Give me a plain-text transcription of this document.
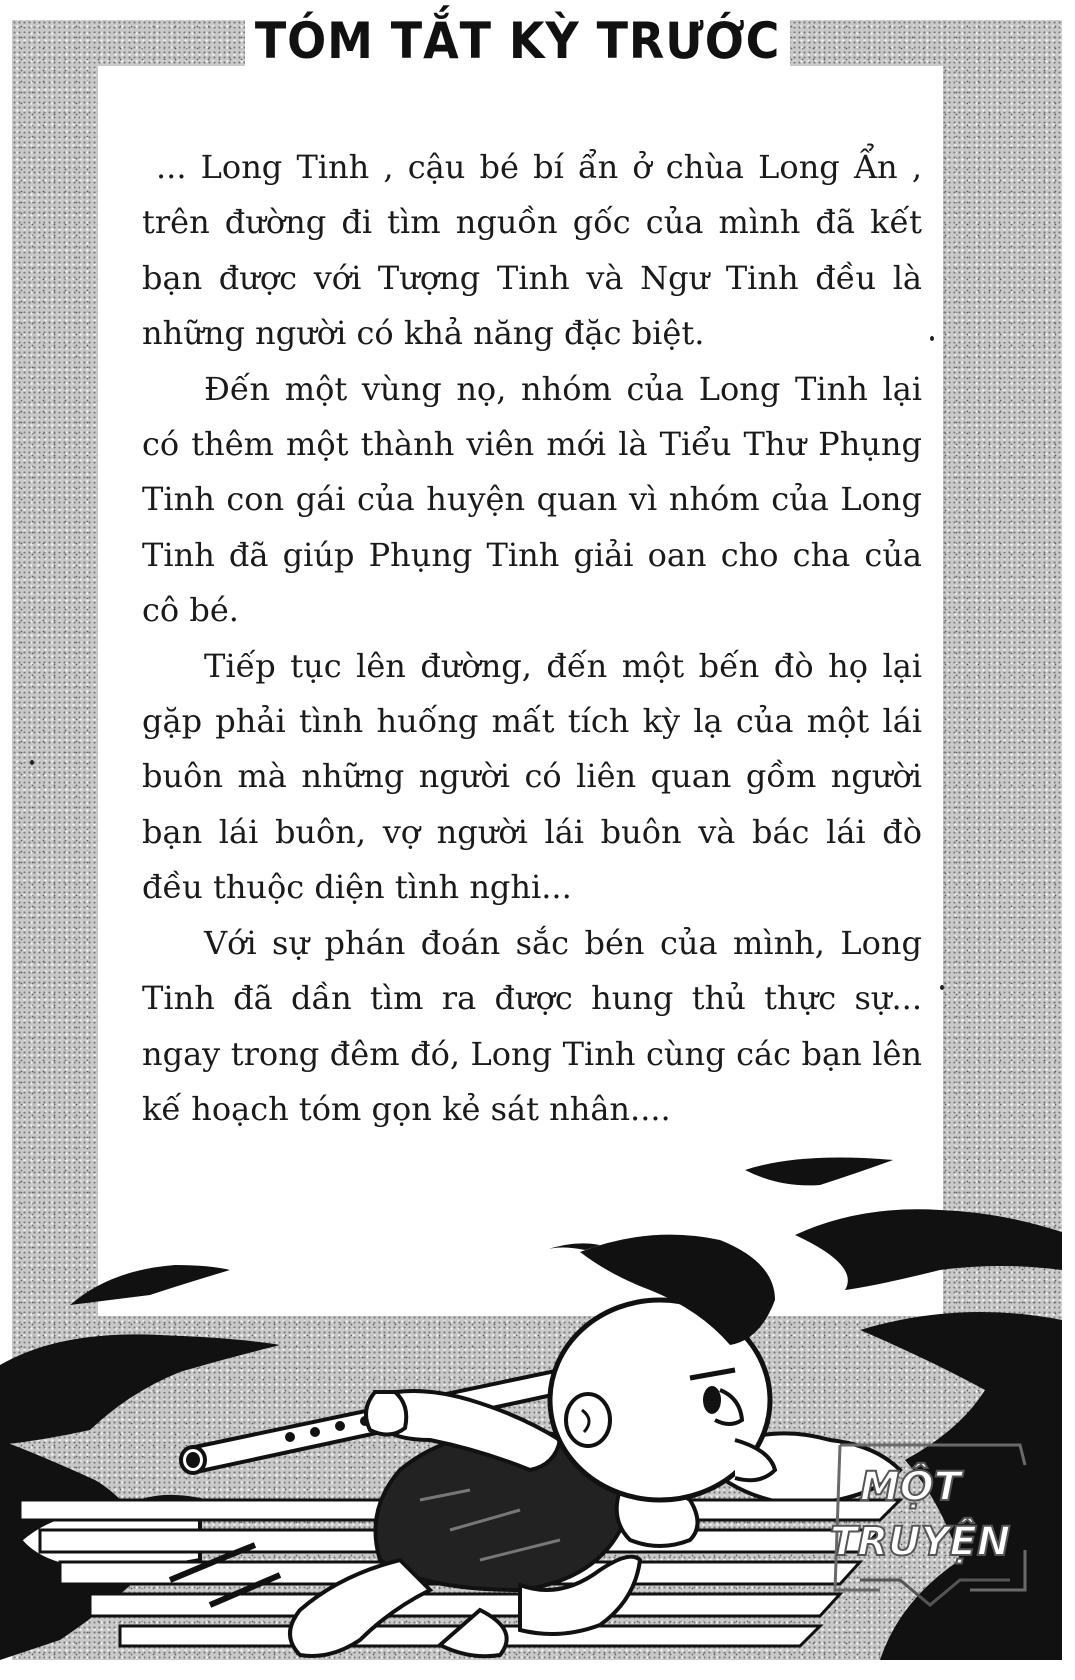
TÓM TẮT KỲ TRƯỚC

... Long Tinh , cậu bé bí ẩn ở chùa Long Ẩn , trên đường đi tìm nguồn gốc của mình đã kết bạn được với Tượng Tinh và Ngư Tinh đều là những người có khả năng đặc biệt.

Đến một vùng nọ, nhóm của Long Tinh lại có thêm một thành viên mới là Tiểu Thư Phụng Tinh con gái của huyện quan vì nhóm của Long Tinh đã giúp Phụng Tinh giải oan cho cha của cô bé.

Tiếp tục lên đường, đến một bến đò họ lại gặp phải tình huống mất tích kỳ lạ của một lái buôn mà những người có liên quan gồm người bạn lái buôn, vợ người lái buôn và bác lái đò đều thuộc diện tình nghi...

Với sự phán đoán sắc bén của mình, Long Tinh đã dần tìm ra được hung thủ thực sự... ngay trong đêm đó, Long Tinh cùng các bạn lên kế hoạch tóm gọn kẻ sát nhân....

MỘT
TRUYỆN
